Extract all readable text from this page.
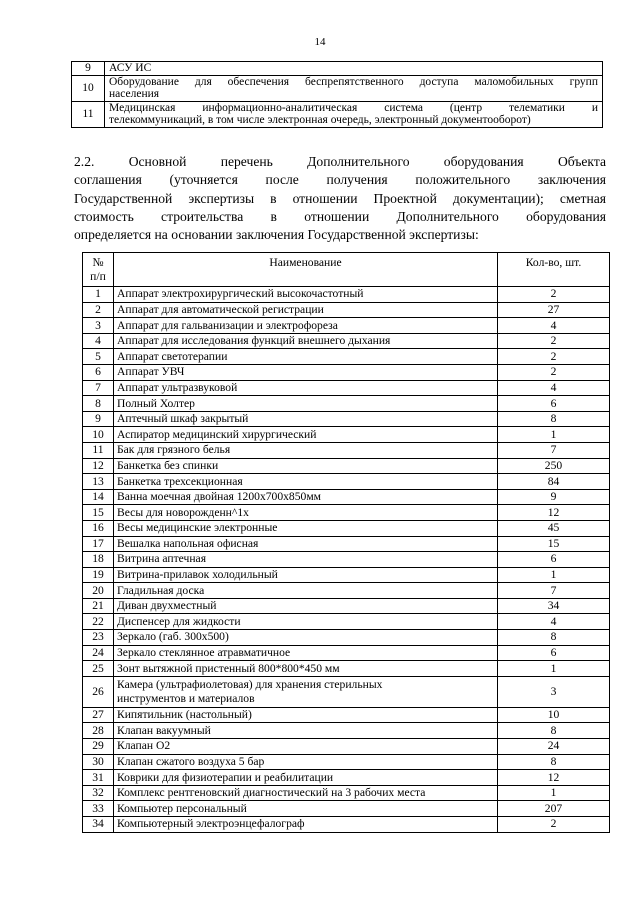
14
9	АСУ ИС

10	Оборудование для обеспечения беспрепятственного доступа маломобильных групп
населения

11	Медицинская информационно-аналитическая система (центр телематики и
телекоммуникаций, в том числе электронная очередь, электронный документооборот)
2.2. Основной перечень Дополнительного оборудования Объекта
соглашения (уточняется после получения положительного заключения
Государственной экспертизы в отношении Проектной документации); сметная
стоимость строительства в отношении Дополнительного оборудования
определяется на основании заключения Государственной экспертизы:
№
п/п	Наименование	Кол-во, шт.
1	Аппарат электрохирургический высокочастотный	2
2	Аппарат для автоматической регистрации	27
3	Аппарат для гальванизации и электрофореза	4
4	Аппарат для исследования функций внешнего дыхания	2
5	Аппарат светотерапии	2
6	Аппарат УВЧ	2
7	Аппарат ультразвуковой	4
8	Полный Холтер	6
9	Аптечный шкаф закрытый	8
10	Аспиратор медицинский хирургический	1
11	Бак для грязного белья	7
12	Банкетка без спинки	250
13	Банкетка трехсекционная	84
14	Ванна моечная двойная 1200x700x850мм	9
15	Весы для новорожденн^1х	12
16	Весы медицинские электронные	45
17	Вешалка напольная офисная	15
18	Витрина аптечная	6
19	Витрина-прилавок холодильный	1
20	Гладильная доска	7
21	Диван двухместный	34
22	Диспенсер для жидкости	4
23	Зеркало (габ. 300x500)	8
24	Зеркало стеклянное атравматичное	6
25	Зонт вытяжной пристенный 800*800*450 мм	1
26	Камера (ультрафиолетовая) для хранения стерильных
инструментов и материалов	3
27	Кипятильник (настольный)	10
28	Клапан вакуумный	8
29	Клапан О2	24
30	Клапан сжатого воздуха 5 бар	8
31	Коврики для физиотерапии и реабилитации	12
32	Комплекс рентгеновский диагностический на 3 рабочих места	1
33	Компьютер персональный	207
34	Компьютерный электроэнцефалограф	2
